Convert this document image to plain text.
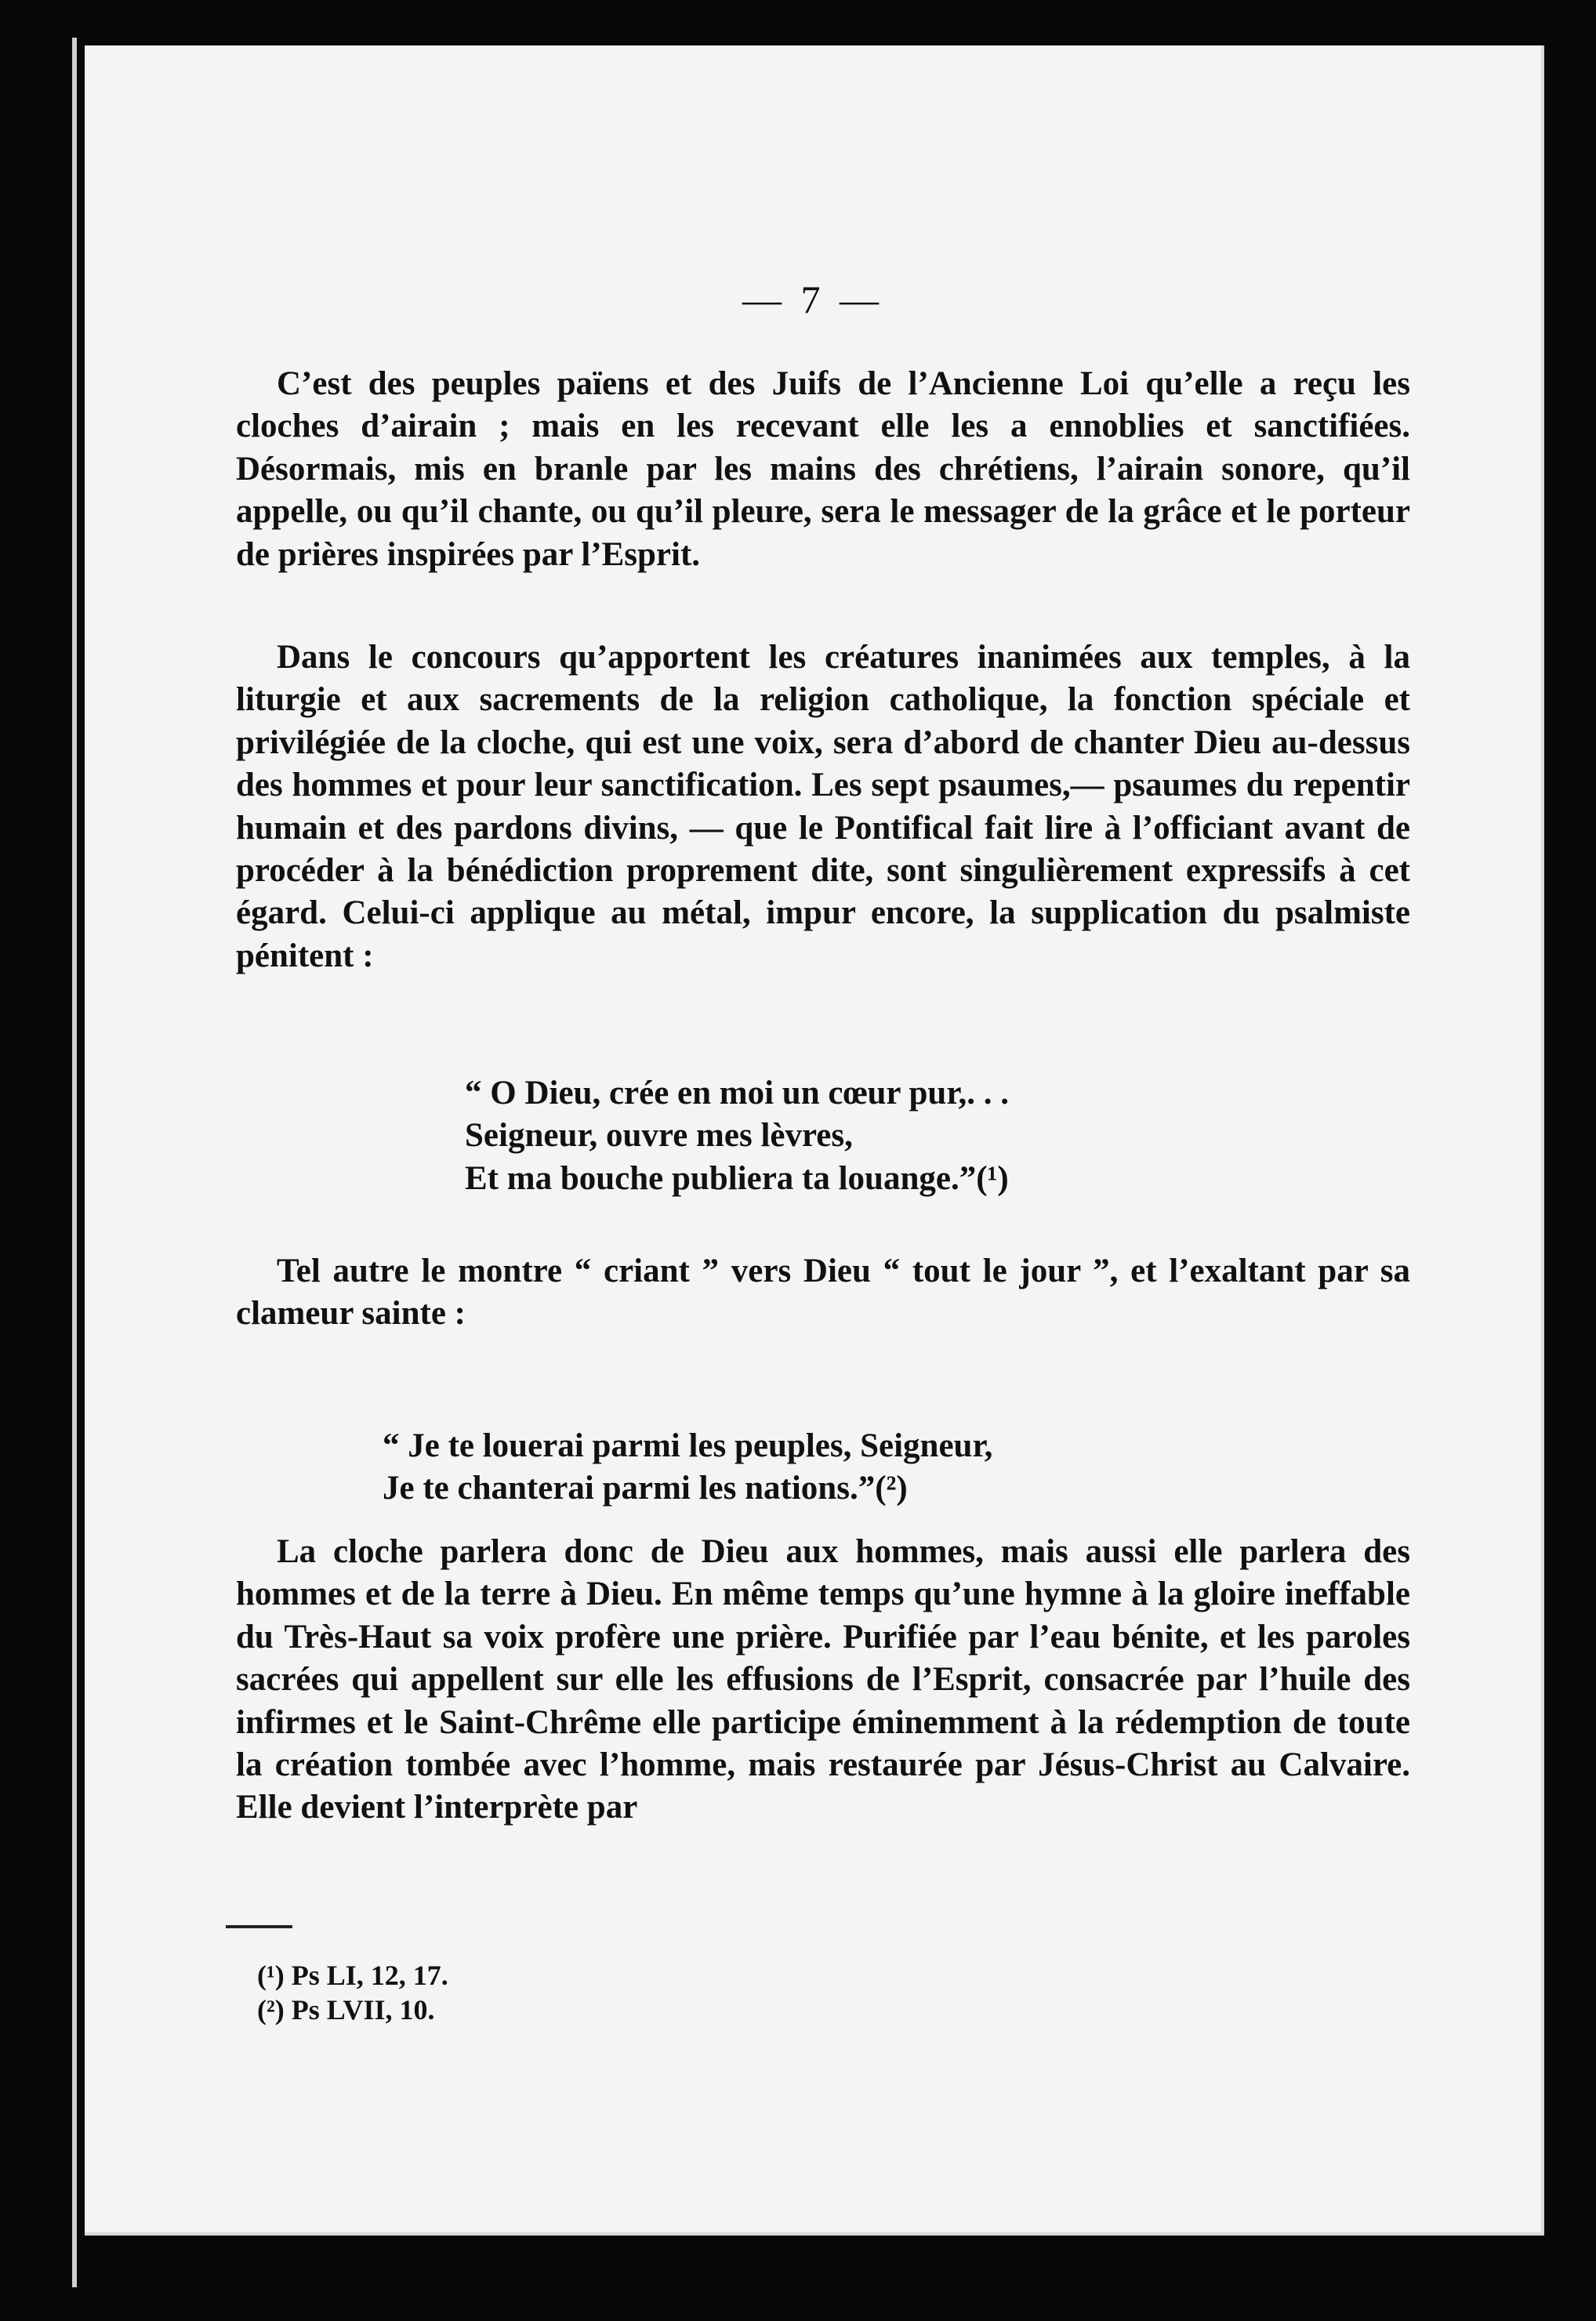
— 7 —

C’est des peuples païens et des Juifs de l’Ancienne Loi qu’elle a reçu les cloches d’airain ; mais en les recevant elle les a ennoblies et sanctifiées. Désormais, mis en branle par les mains des chrétiens, l’airain sonore, qu’il appelle, ou qu’il chante, ou qu’il pleure, sera le messager de la grâce et le porteur de prières inspirées par l’Esprit.

Dans le concours qu’apportent les créatures inanimées aux temples, à la liturgie et aux sacrements de la religion catholique, la fonction spéciale et privilégiée de la cloche, qui est une voix, sera d’abord de chanter Dieu au-dessus des hommes et pour leur sanctification. Les sept psaumes,— psaumes du repentir humain et des pardons divins, — que le Pontifical fait lire à l’officiant avant de procéder à la bénédiction proprement dite, sont singulièrement expressifs à cet égard. Celui-ci applique au métal, impur encore, la supplication du psalmiste pénitent :

“ O Dieu, crée en moi un cœur pur,. . .
Seigneur, ouvre mes lèvres,
Et ma bouche publiera ta louange.”(¹)

Tel autre le montre “ criant ” vers Dieu “ tout le jour ”, et l’exaltant par sa clameur sainte :

“ Je te louerai parmi les peuples, Seigneur,
Je te chanterai parmi les nations.”(²)

La cloche parlera donc de Dieu aux hommes, mais aussi elle parlera des hommes et de la terre à Dieu. En même temps qu’une hymne à la gloire ineffable du Très-Haut sa voix profère une prière. Purifiée par l’eau bénite, et les paroles sacrées qui appellent sur elle les effusions de l’Esprit, consacrée par l’huile des infirmes et le Saint-Chrême elle participe éminemment à la rédemption de toute la création tombée avec l’homme, mais restaurée par Jésus-Christ au Calvaire. Elle devient l’interprète par

(¹) Ps LI, 12, 17.
(²) Ps LVII, 10.
